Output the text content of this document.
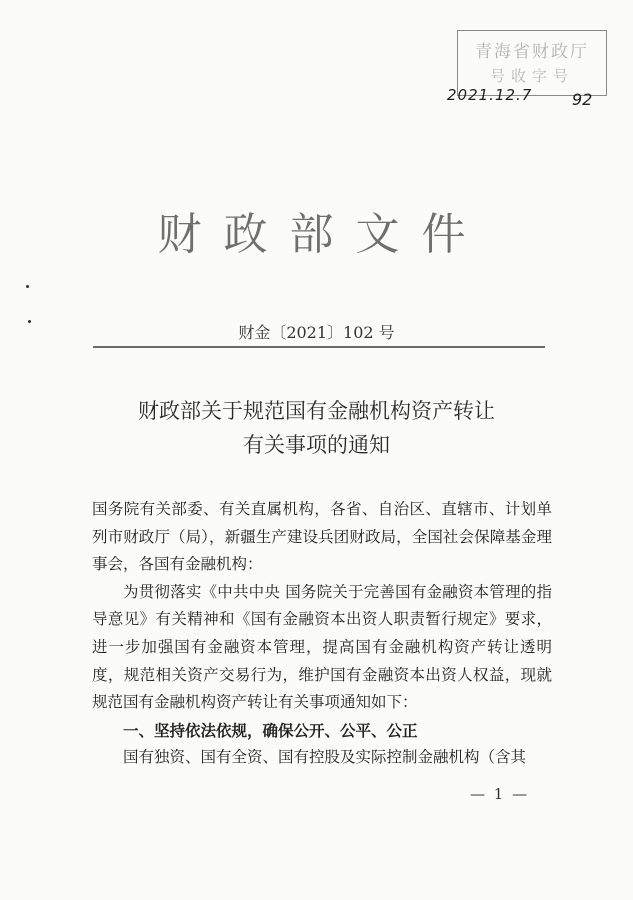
青海省财政厅
号收字号
2021.12.7 92
财政部文件
财金〔2021〕102 号
财政部关于规范国有金融机构资产转让
有关事项的通知

国务院有关部委、有关直属机构，各省、自治区、直辖市、计划单列市财政厅（局），新疆生产建设兵团财政局，全国社会保障基金理事会，各国有金融机构：

为贯彻落实《中共中央 国务院关于完善国有金融资本管理的指导意见》有关精神和《国有金融资本出资人职责暂行规定》要求，进一步加强国有金融资本管理，提高国有金融机构资产转让透明度，规范相关资产交易行为，维护国有金融资本出资人权益，现就规范国有金融机构资产转让有关事项通知如下：

一、坚持依法依规，确保公开、公平、公正

国有独资、国有全资、国有控股及实际控制金融机构（含其

— 1 —
